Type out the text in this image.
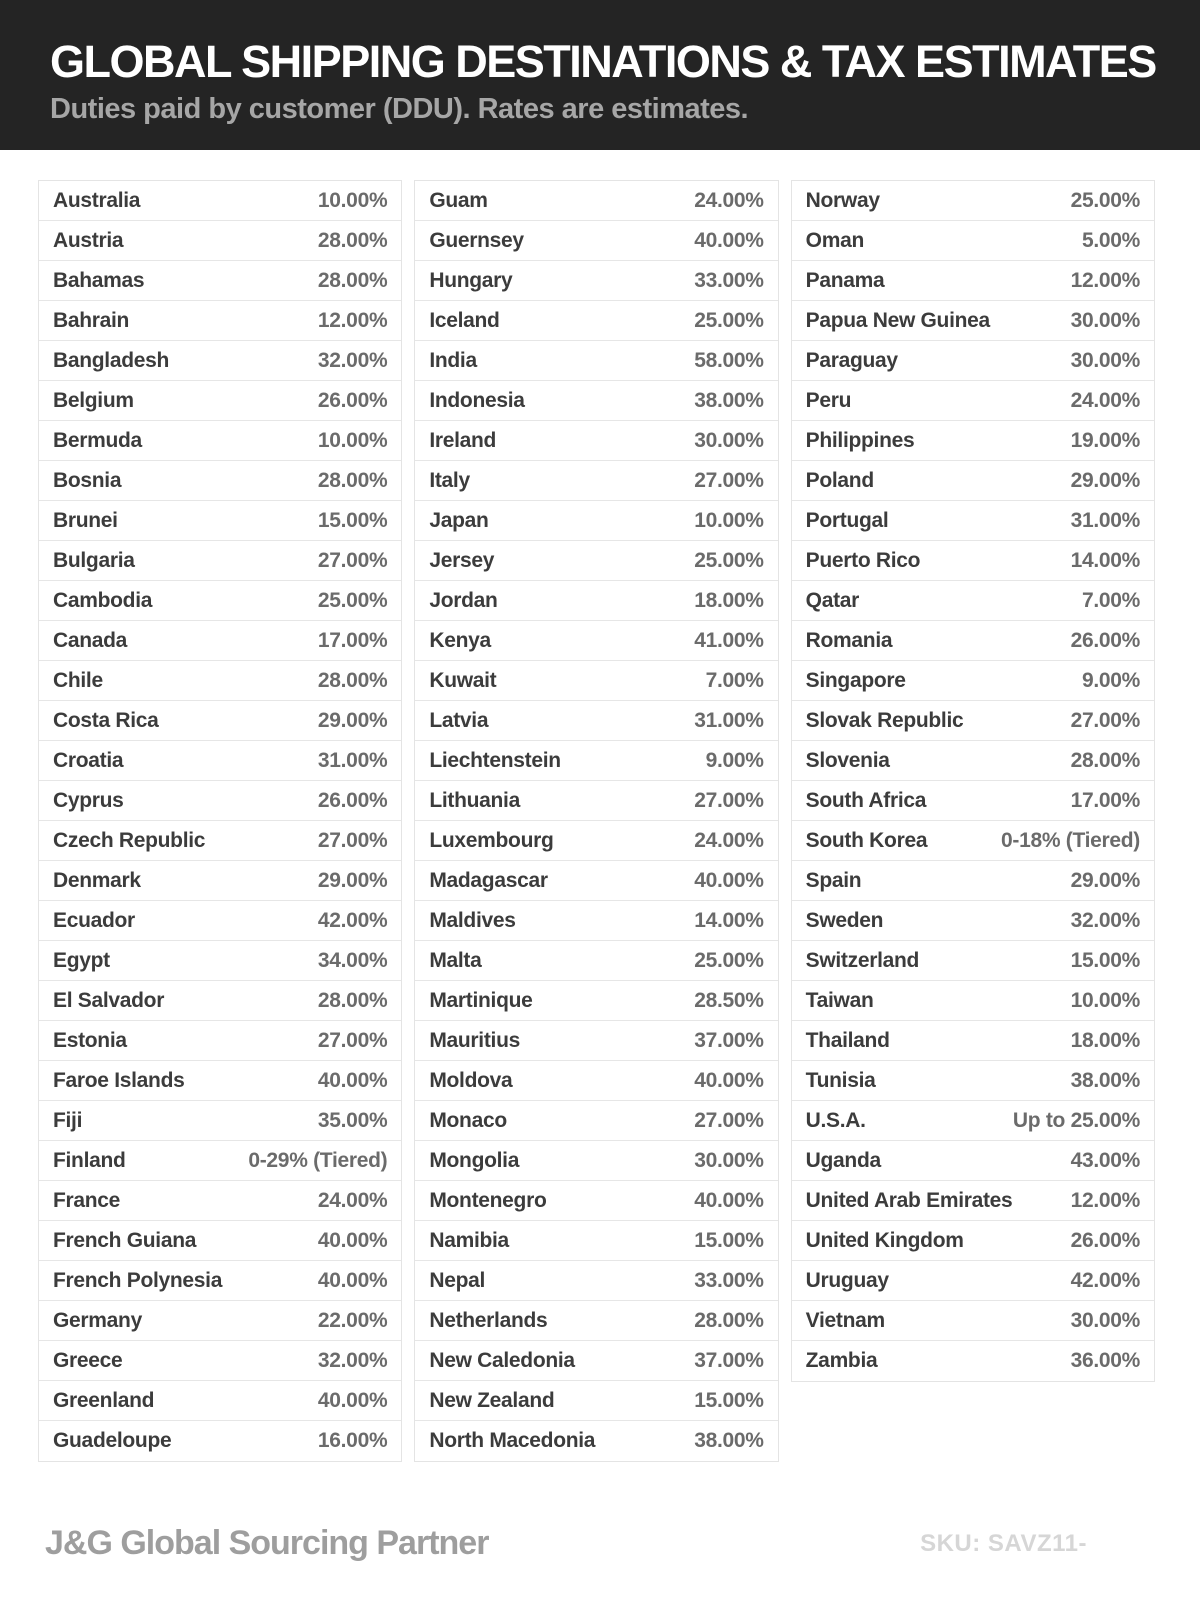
GLOBAL SHIPPING DESTINATIONS & TAX ESTIMATES
Duties paid by customer (DDU). Rates are estimates.
Australia	10.00%
Austria	28.00%
Bahamas	28.00%
Bahrain	12.00%
Bangladesh	32.00%
Belgium	26.00%
Bermuda	10.00%
Bosnia	28.00%
Brunei	15.00%
Bulgaria	27.00%
Cambodia	25.00%
Canada	17.00%
Chile	28.00%
Costa Rica	29.00%
Croatia	31.00%
Cyprus	26.00%
Czech Republic	27.00%
Denmark	29.00%
Ecuador	42.00%
Egypt	34.00%
El Salvador	28.00%
Estonia	27.00%
Faroe Islands	40.00%
Fiji	35.00%
Finland	0-29% (Tiered)
France	24.00%
French Guiana	40.00%
French Polynesia	40.00%
Germany	22.00%
Greece	32.00%
Greenland	40.00%
Guadeloupe	16.00%
Guam	24.00%
Guernsey	40.00%
Hungary	33.00%
Iceland	25.00%
India	58.00%
Indonesia	38.00%
Ireland	30.00%
Italy	27.00%
Japan	10.00%
Jersey	25.00%
Jordan	18.00%
Kenya	41.00%
Kuwait	7.00%
Latvia	31.00%
Liechtenstein	9.00%
Lithuania	27.00%
Luxembourg	24.00%
Madagascar	40.00%
Maldives	14.00%
Malta	25.00%
Martinique	28.50%
Mauritius	37.00%
Moldova	40.00%
Monaco	27.00%
Mongolia	30.00%
Montenegro	40.00%
Namibia	15.00%
Nepal	33.00%
Netherlands	28.00%
New Caledonia	37.00%
New Zealand	15.00%
North Macedonia	38.00%
Norway	25.00%
Oman	5.00%
Panama	12.00%
Papua New Guinea	30.00%
Paraguay	30.00%
Peru	24.00%
Philippines	19.00%
Poland	29.00%
Portugal	31.00%
Puerto Rico	14.00%
Qatar	7.00%
Romania	26.00%
Singapore	9.00%
Slovak Republic	27.00%
Slovenia	28.00%
South Africa	17.00%
South Korea	0-18% (Tiered)
Spain	29.00%
Sweden	32.00%
Switzerland	15.00%
Taiwan	10.00%
Thailand	18.00%
Tunisia	38.00%
U.S.A.	Up to 25.00%
Uganda	43.00%
United Arab Emirates	12.00%
United Kingdom	26.00%
Uruguay	42.00%
Vietnam	30.00%
Zambia	36.00%
J&G Global Sourcing Partner	SKU: SAVZ11-
